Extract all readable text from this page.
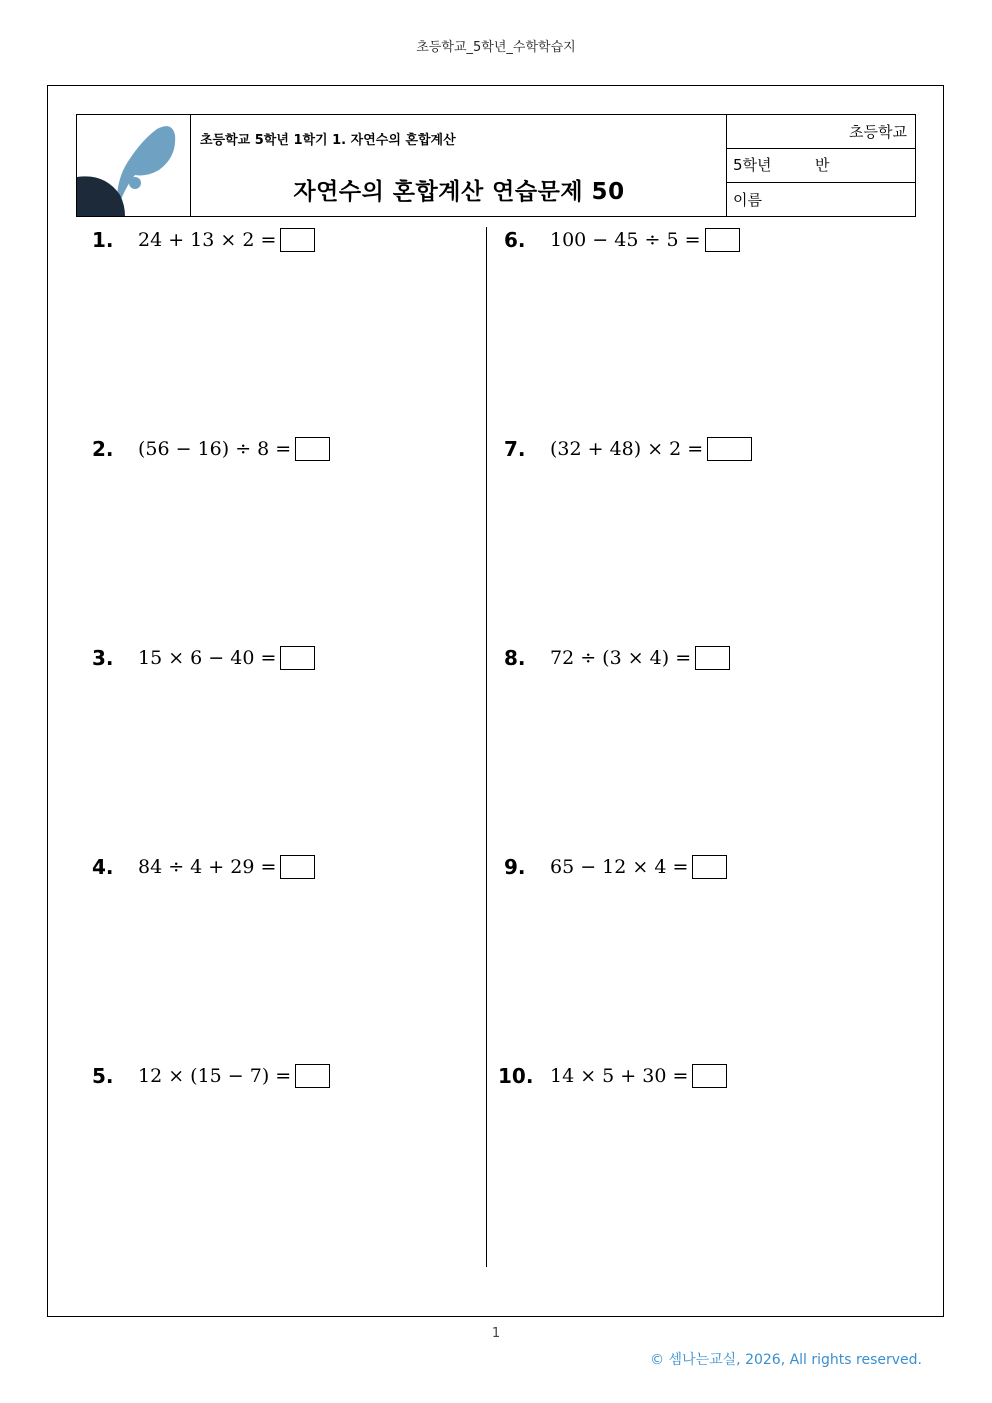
초등학교_5학년_수학학습지
초등학교 5학년 1학기 1. 자연수의 혼합계산
자연수의 혼합계산 연습문제 50
초등학교
5학년	반
이름
1.	24 + 13 × 2 =
2.	(56 − 16) ÷ 8 =
3.	15 × 6 − 40 =
4.	84 ÷ 4 + 29 =
5.	12 × (15 − 7) =
6.	100 − 45 ÷ 5 =
7.	(32 + 48) × 2 =
8.	72 ÷ (3 × 4) =
9.	65 − 12 × 4 =
10. 14 × 5 + 30 =
1
© 셈나는교실, 2026, All rights reserved.
